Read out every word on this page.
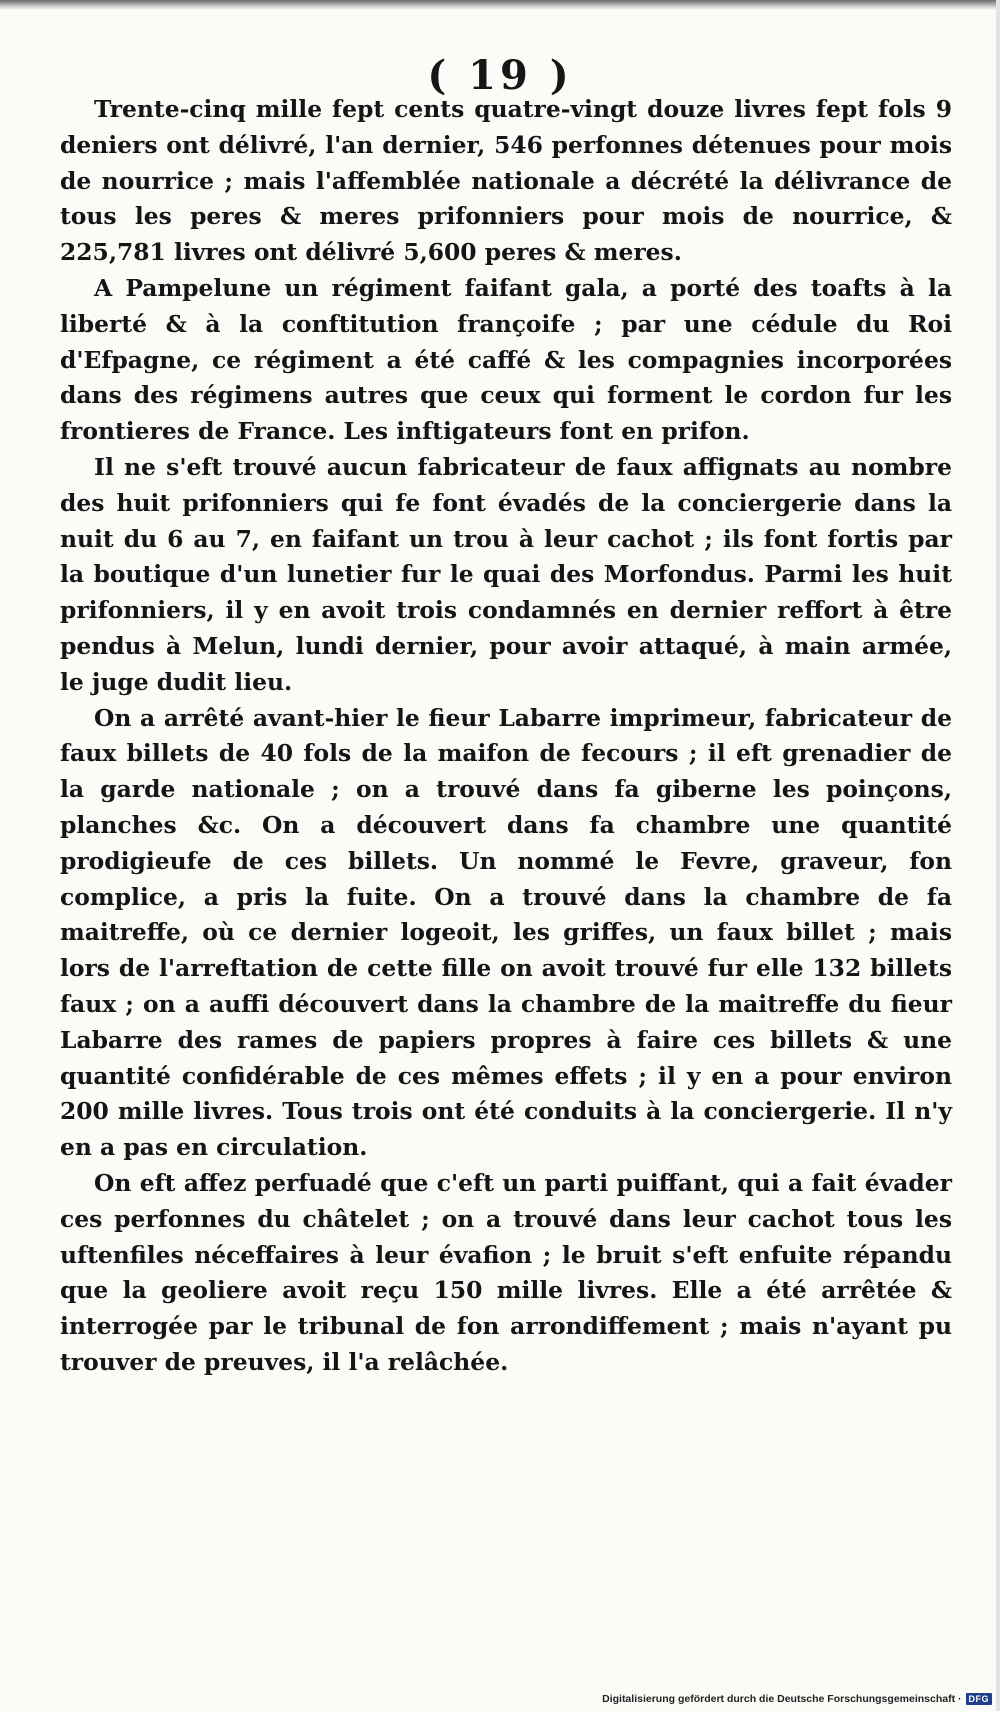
( 19 )

Trente-cinq mille fept cents quatre-vingt douze livres fept fols 9 deniers ont délivré, l'an dernier, 546 perfonnes détenues pour mois de nourrice ; mais l'affemblée nationale a décrété la délivrance de tous les peres & meres prifonniers pour mois de nourrice, & 225,781 livres ont délivré 5,600 peres & meres.

A Pampelune un régiment faifant gala, a porté des toafts à la liberté & à la conftitution françoife ; par une cédule du Roi d'Efpagne, ce régiment a été caffé & les compagnies incorporées dans des régimens autres que ceux qui forment le cordon fur les frontieres de France. Les inftigateurs font en prifon.

Il ne s'eft trouvé aucun fabricateur de faux affignats au nombre des huit prifonniers qui fe font évadés de la conciergerie dans la nuit du 6 au 7, en faifant un trou à leur cachot ; ils font fortis par la boutique d'un lunetier fur le quai des Morfondus. Parmi les huit prifonniers, il y en avoit trois condamnés en dernier reffort à être pendus à Melun, lundi dernier, pour avoir attaqué, à main armée, le juge dudit lieu.

On a arrêté avant-hier le fieur Labarre imprimeur, fabricateur de faux billets de 40 fols de la maifon de fecours ; il eft grenadier de la garde nationale ; on a trouvé dans fa giberne les poinçons, planches &c. On a découvert dans fa chambre une quantité prodigieufe de ces billets. Un nommé le Fevre, graveur, fon complice, a pris la fuite. On a trouvé dans la chambre de fa maitreffe, où ce dernier logeoit, les griffes, un faux billet ; mais lors de l'arreftation de cette fille on avoit trouvé fur elle 132 billets faux ; on a auffi découvert dans la chambre de la maitreffe du fieur Labarre des rames de papiers propres à faire ces billets & une quantité confidérable de ces mêmes effets ; il y en a pour environ 200 mille livres. Tous trois ont été conduits à la conciergerie. Il n'y en a pas en circulation.

On eft affez perfuadé que c'eft un parti puiffant, qui a fait évader ces perfonnes du châtelet ; on a trouvé dans leur cachot tous les uftenfiles néceffaires à leur évafion ; le bruit s'eft enfuite répandu que la geoliere avoit reçu 150 mille livres. Elle a été arrêtée & interrogée par le tribunal de fon arrondiffement ; mais n'ayant pu trouver de preuves, il l'a relâchée.

Digitalisierung gefördert durch die Deutsche Forschungsgemeinschaft · DFG
